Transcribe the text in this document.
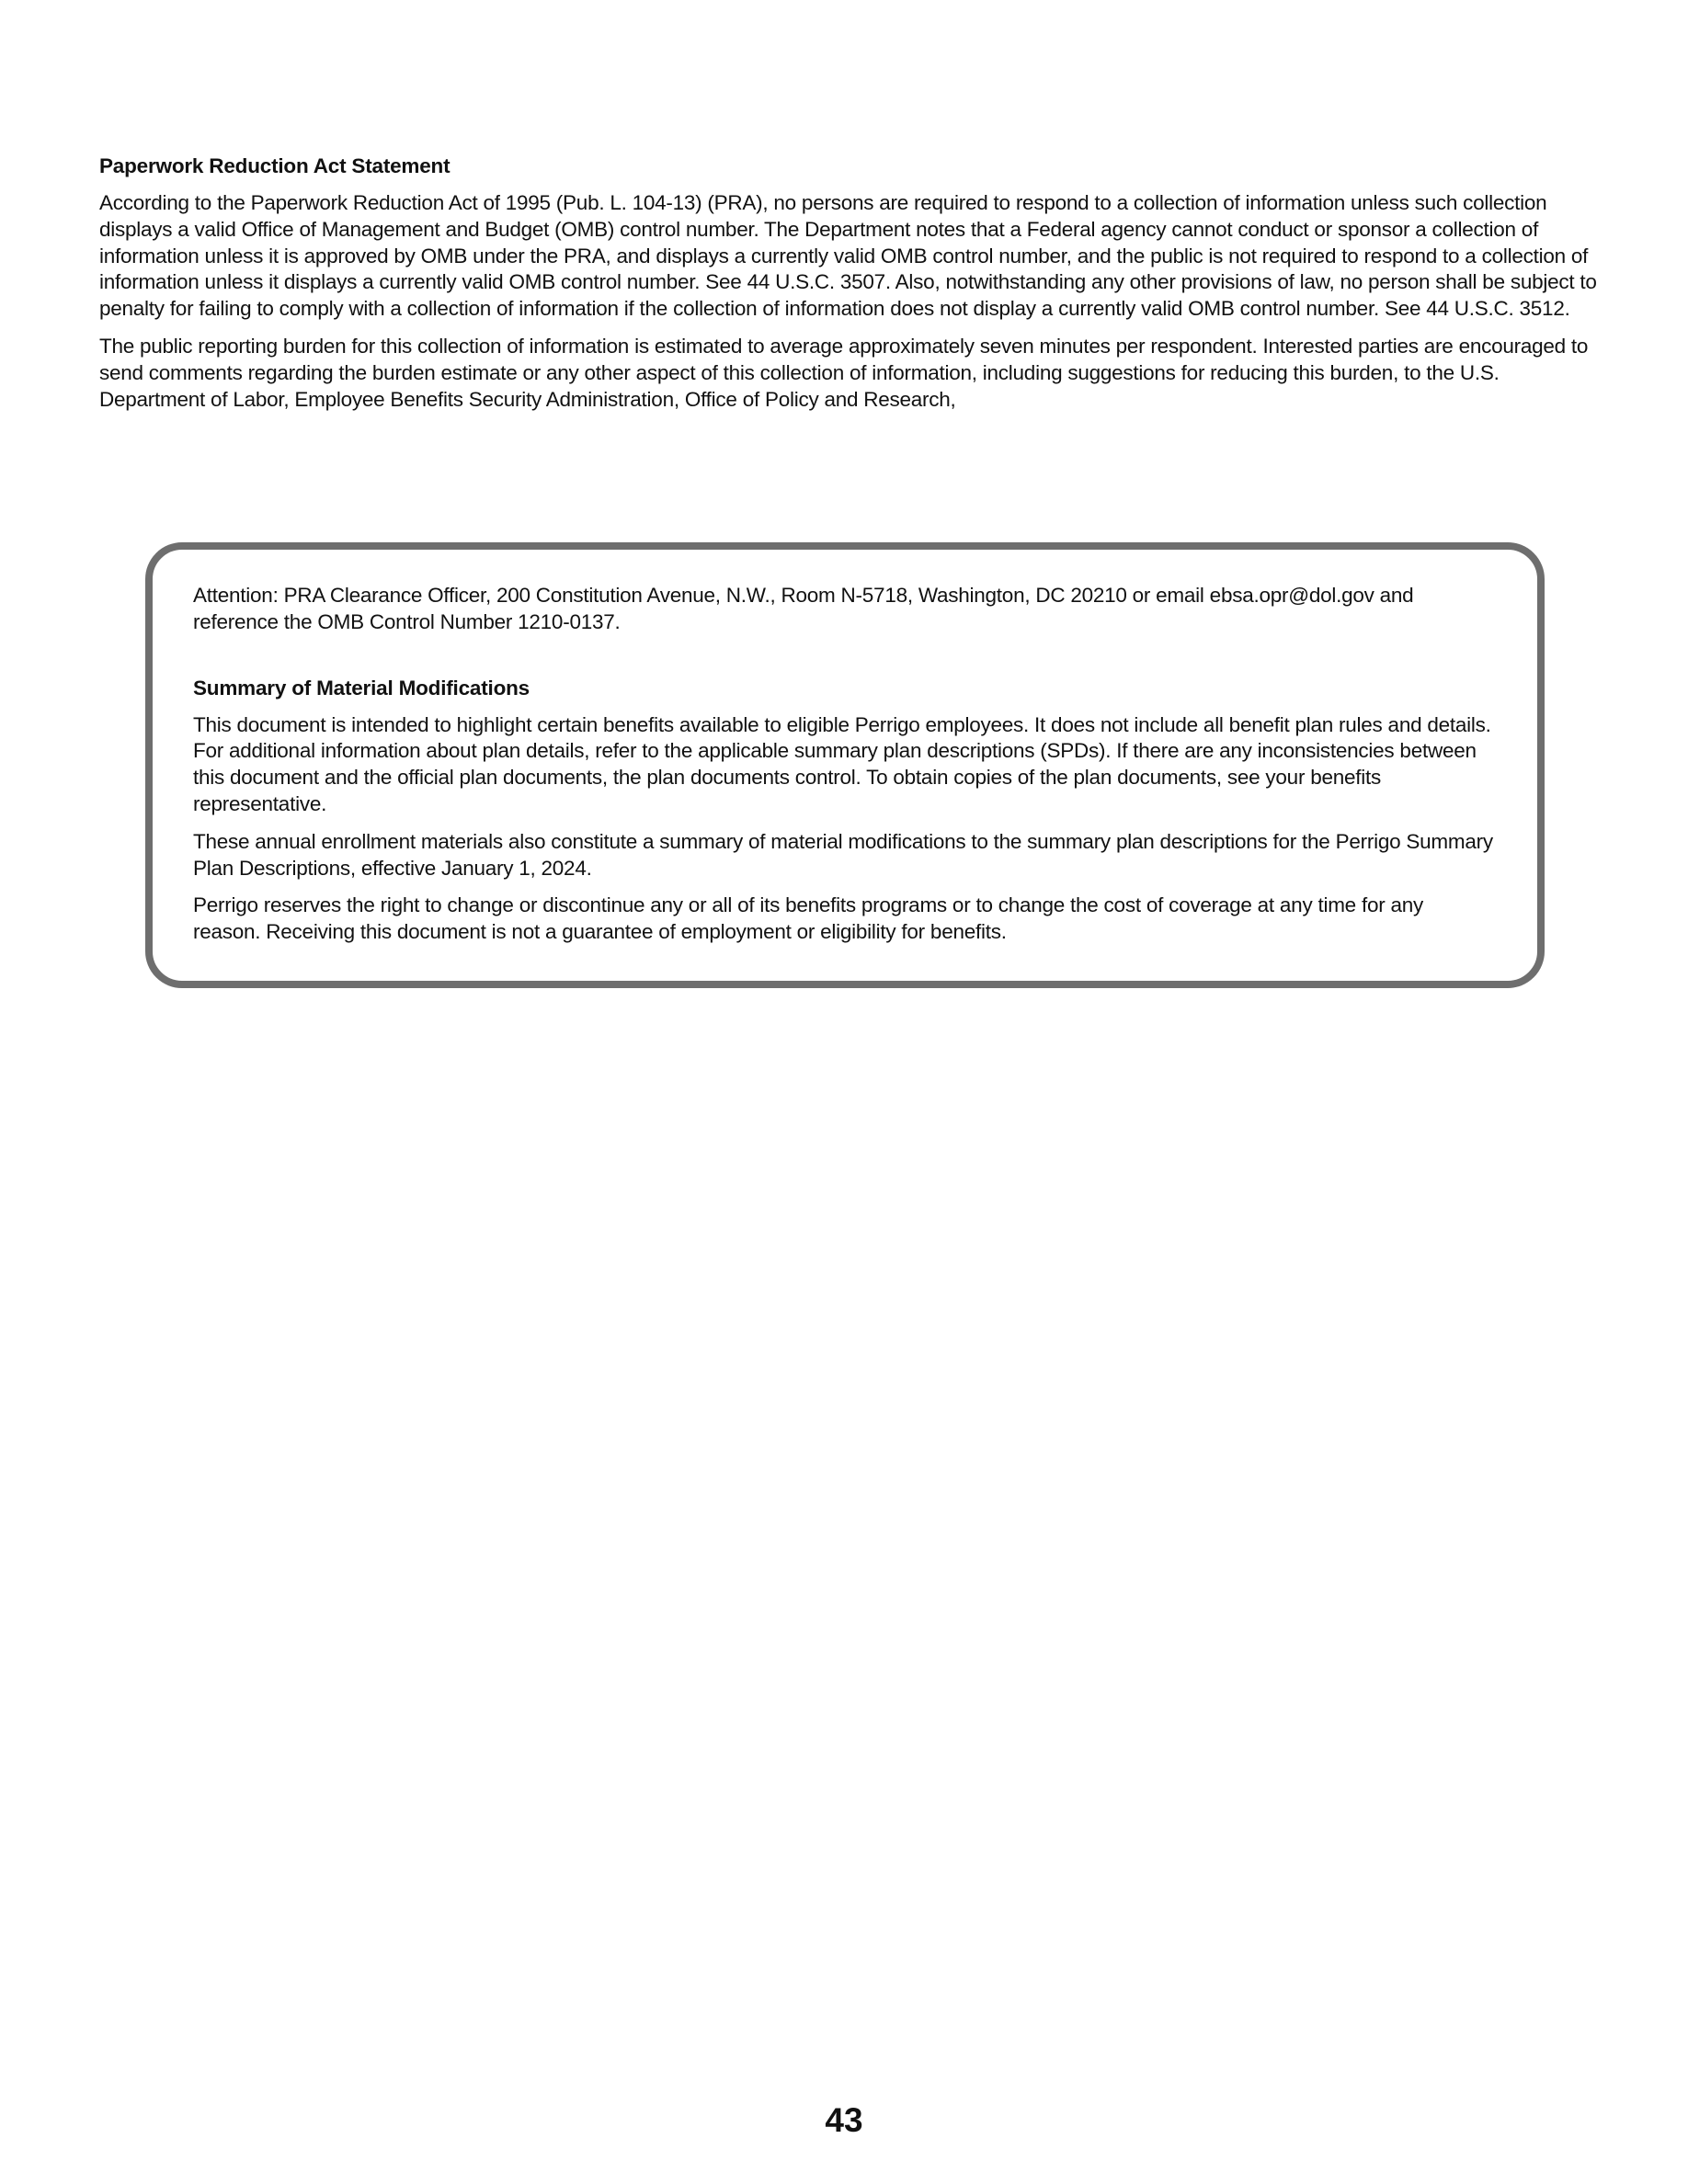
Paperwork Reduction Act Statement

According to the Paperwork Reduction Act of 1995 (Pub. L. 104-13) (PRA), no persons are required to respond to a collection of information unless such collection displays a valid Office of Management and Budget (OMB) control number. The Department notes that a Federal agency cannot conduct or sponsor a collection of information unless it is approved by OMB under the PRA, and displays a currently valid OMB control number, and the public is not required to respond to a collection of information unless it displays a currently valid OMB control number. See 44 U.S.C. 3507. Also, notwithstanding any other provisions of law, no person shall be subject to penalty for failing to comply with a collection of information if the collection of information does not display a currently valid OMB control number. See 44 U.S.C. 3512.

The public reporting burden for this collection of information is estimated to average approximately seven minutes per respondent. Interested parties are encouraged to send comments regarding the burden estimate or any other aspect of this collection of information, including suggestions for reducing this burden, to the U.S. Department of Labor, Employee Benefits Security Administration, Office of Policy and Research,

Attention: PRA Clearance Officer, 200 Constitution Avenue, N.W., Room N-5718, Washington, DC 20210 or email ebsa.opr@dol.gov and reference the OMB Control Number 1210-0137.

Summary of Material Modifications

This document is intended to highlight certain benefits available to eligible Perrigo employees. It does not include all benefit plan rules and details. For additional information about plan details, refer to the applicable summary plan descriptions (SPDs). If there are any inconsistencies between this document and the official plan documents, the plan documents control. To obtain copies of the plan documents, see your benefits representative.

These annual enrollment materials also constitute a summary of material modifications to the summary plan descriptions for the Perrigo Summary Plan Descriptions, effective January 1, 2024.

Perrigo reserves the right to change or discontinue any or all of its benefits programs or to change the cost of coverage at any time for any reason. Receiving this document is not a guarantee of employment or eligibility for benefits.

43
